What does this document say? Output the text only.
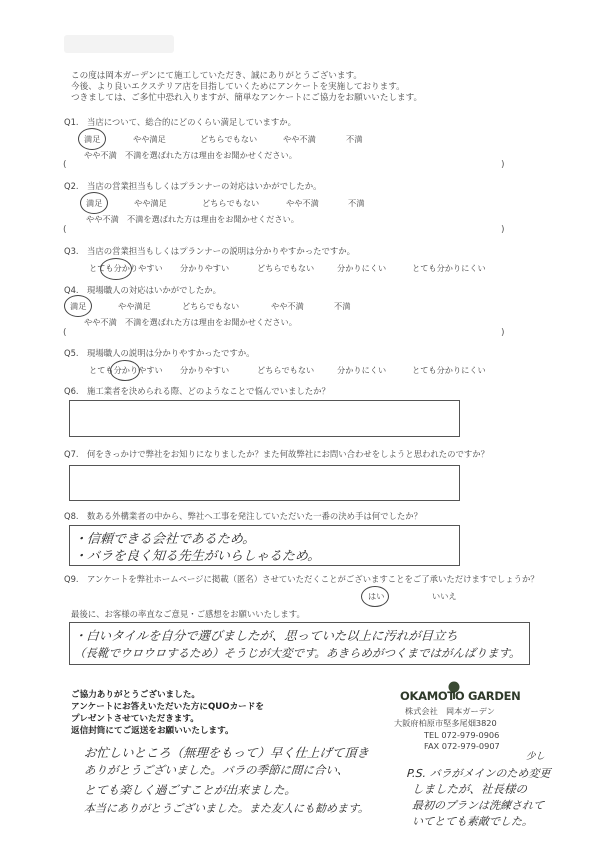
この度は岡本ガーデンにて施工していただき、誠にありがとうございます。
今後、より良いエクステリア店を目指していくためにアンケートを実施しております。
つきましては、ご多忙中恐れ入りますが、簡単なアンケートにご協力をお願いいたします。
Q1.　当店について、総合的にどのくらい満足していますか。
満足	やや満足	どちらでもない	やや不満	不満
やや不満　不満を選ばれた方は理由をお聞かせください。
(	)
Q2.　当店の営業担当もしくはプランナーの対応はいかがでしたか。
満足	やや満足	どちらでもない	やや不満	不満
やや不満　不満を選ばれた方は理由をお聞かせください。
(	)
Q3.　当店の営業担当もしくはプランナーの説明は分かりやすかったですか。
とても分かりやすい 分かりやすい	どちらでもない	分かりにくい	とても分かりにくい
Q4.　現場職人の対応はいかがでしたか。
満足	やや満足	どちらでもない	やや不満	不満
やや不満　不満を選ばれた方は理由をお聞かせください。
(	)
Q5.　現場職人の説明は分かりやすかったですか。
とても分かりやすい 分かりやすい	どちらでもない	分かりにくい	とても分かりにくい
Q6.　施工業者を決められる際、どのようなことで悩んでいましたか？
Q7.　何をきっかけで弊社をお知りになりましたか？また何故弊社にお問い合わせをしようと思われたのですか？
Q8.　数ある外構業者の中から、弊社へ工事を発注していただいた一番の決め手は何でしたか？
・信頼できる会社であるため。
・バラを良く知る先生がいらしゃるため。
Q9.　アンケートを弊社ホームページに掲載（匿名）させていただくことがございますことをご了承いただけますでしょうか？
はい	いいえ
最後に、お客様の率直なご意見・ご感想をお願いいたします。
・白いタイルを自分で選びましたが、思っていた以上に汚れが目立ち
（長靴でウロウロするため）そうじが大変です。あきらめがつくまではがんばります。
ご協力ありがとうございました。
アンケートにお答えいただいた方にQUOカードを
プレゼントさせていただきます。
返信封筒にてご返送をお願いいたします。
OKAMOTO GARDEN
株式会社　岡本ガーデン
大阪府柏原市堅多尾畑3820
TEL 072-979-0906
FAX 072-979-0907
お忙しいところ（無理をもって）早く仕上げて頂き
ありがとうございました。バラの季節に間に合い、
とても楽しく過ごすことが出来ました。
本当にありがとうございました。また友人にも勧めます。
少し
P.S. バラがメインのため変更
しましたが、社長様の
最初のプランは洗練されて
いてとても素敵でした。
